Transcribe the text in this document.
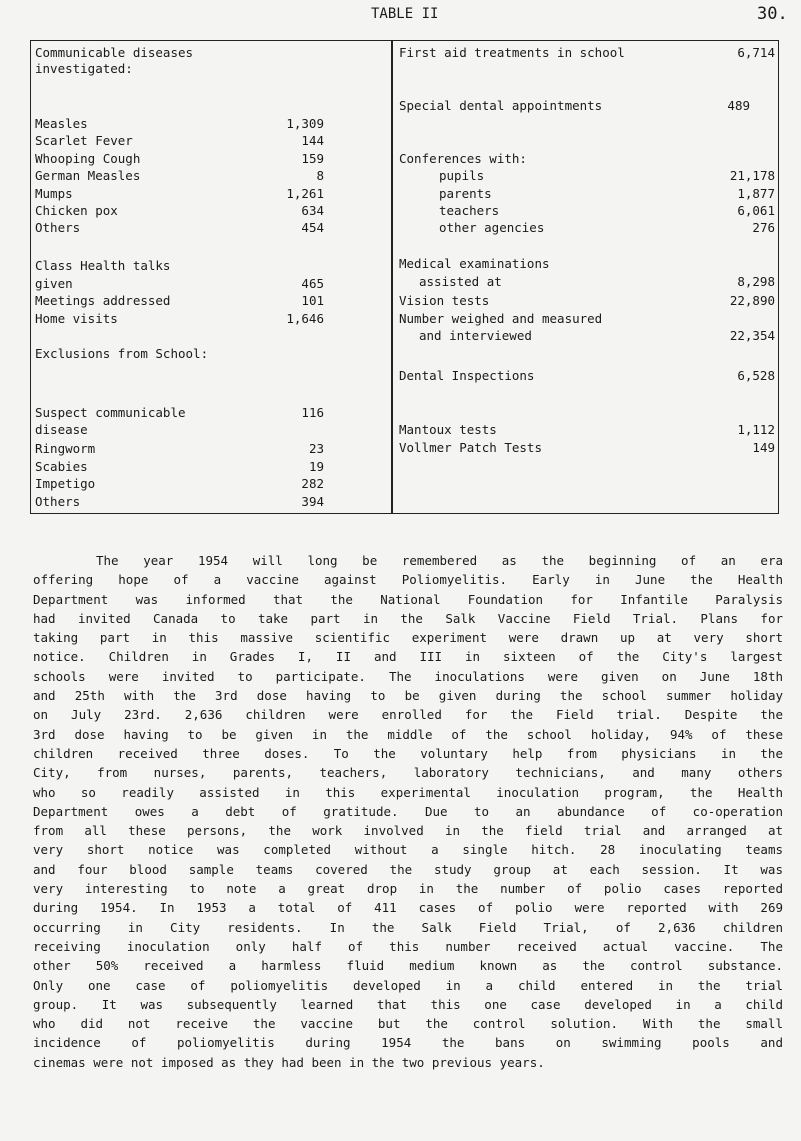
TABLE II	30.
Communicable diseases
investigated:
Measles	1,309
Scarlet Fever	144
Whooping Cough	159
German Measles	8
Mumps	1,261
Chicken pox	634
Others	454
Class Health talks
given	465
Meetings addressed	101
Home visits	1,646
Exclusions from School:
Suspect communicable	116
disease
Ringworm	23
Scabies	19
Impetigo	282
Others	394
First aid treatments in school	6,714
Special dental appointments	489
Conferences with:
pupils	21,178
parents	1,877
teachers	6,061
other agencies	276
Medical examinations
assisted at	8,298
Vision tests	22,890
Number weighed and measured
and interviewed	22,354
Dental Inspections	6,528
Mantoux tests	1,112
Vollmer Patch Tests	149
The year 1954 will long be remembered as the beginning of an era
offering hope of a vaccine against Poliomyelitis. Early in June the Health
Department was informed that the National Foundation for Infantile Paralysis
had invited Canada to take part in the Salk Vaccine Field Trial. Plans for
taking part in this massive scientific experiment were drawn up at very short
notice. Children in Grades I, II and III in sixteen of the City's largest
schools were invited to participate. The inoculations were given on June 18th
and 25th with the 3rd dose having to be given during the school summer holiday
on July 23rd. 2,636 children were enrolled for the Field trial. Despite the
3rd dose having to be given in the middle of the school holiday, 94% of these
children received three doses. To the voluntary help from physicians in the
City, from nurses, parents, teachers, laboratory technicians, and many others
who so readily assisted in this experimental inoculation program, the Health
Department owes a debt of gratitude. Due to an abundance of co-operation
from all these persons, the work involved in the field trial and arranged at
very short notice was completed without a single hitch. 28 inoculating teams
and four blood sample teams covered the study group at each session. It was
very interesting to note a great drop in the number of polio cases reported
during 1954. In 1953 a total of 411 cases of polio were reported with 269
occurring in City residents. In the Salk Field Trial, of 2,636 children
receiving inoculation only half of this number received actual vaccine. The
other 50% received a harmless fluid medium known as the control substance.
Only one case of poliomyelitis developed in a child entered in the trial
group. It was subsequently learned that this one case developed in a child
who did not receive the vaccine but the control solution. With the small
incidence of poliomyelitis during 1954 the bans on swimming pools and
cinemas were not imposed as they had been in the two previous years.
